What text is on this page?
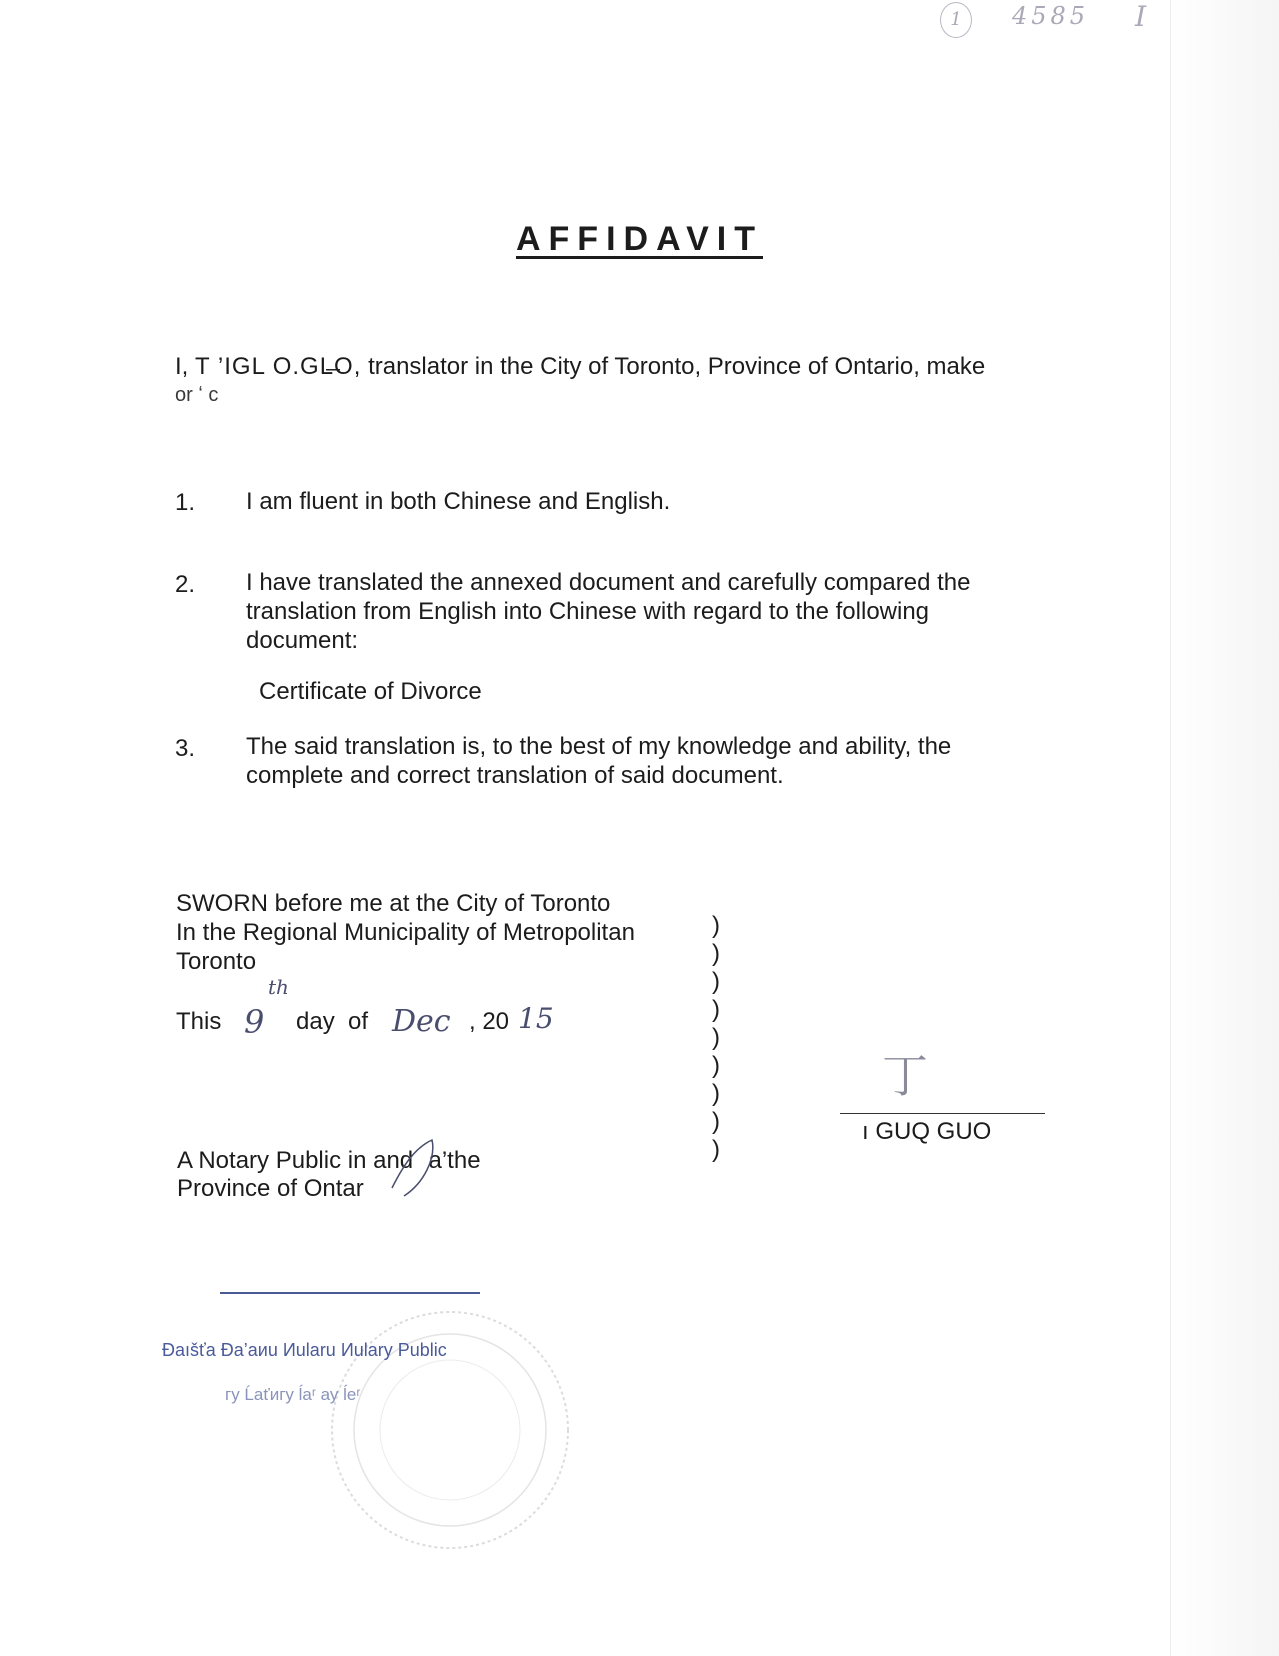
1	4585 I
AFFIDAVIT
I, T ’IGL O.GL̶O, translator in the City of Toronto, Province of Ontario, make
or ʻ ᴄ
1. I am fluent in both Chinese and English.
2. I have translated the annexed document and carefully compared the
translation from English into Chinese with regard to the following
document:
Certificate of Divorce
3. The said translation is, to the best of my knowledge and ability, the
complete and correct translation of said document.
SWORN before me at the City of Toronto
In the Regional Municipality of Metropolitan
Toronto
This 9
th
day  of Dec , 20 15
)
)
)
)
)
)
)
)
)
丁
ı GUQ GUO
A Notary Public in and   a’the
Province of Ontar
Ðаıšťа Ðа’аиu Иulаru Иulаry Public
гу Ĺаťигу ĺаʳ ау ĺеʳ
